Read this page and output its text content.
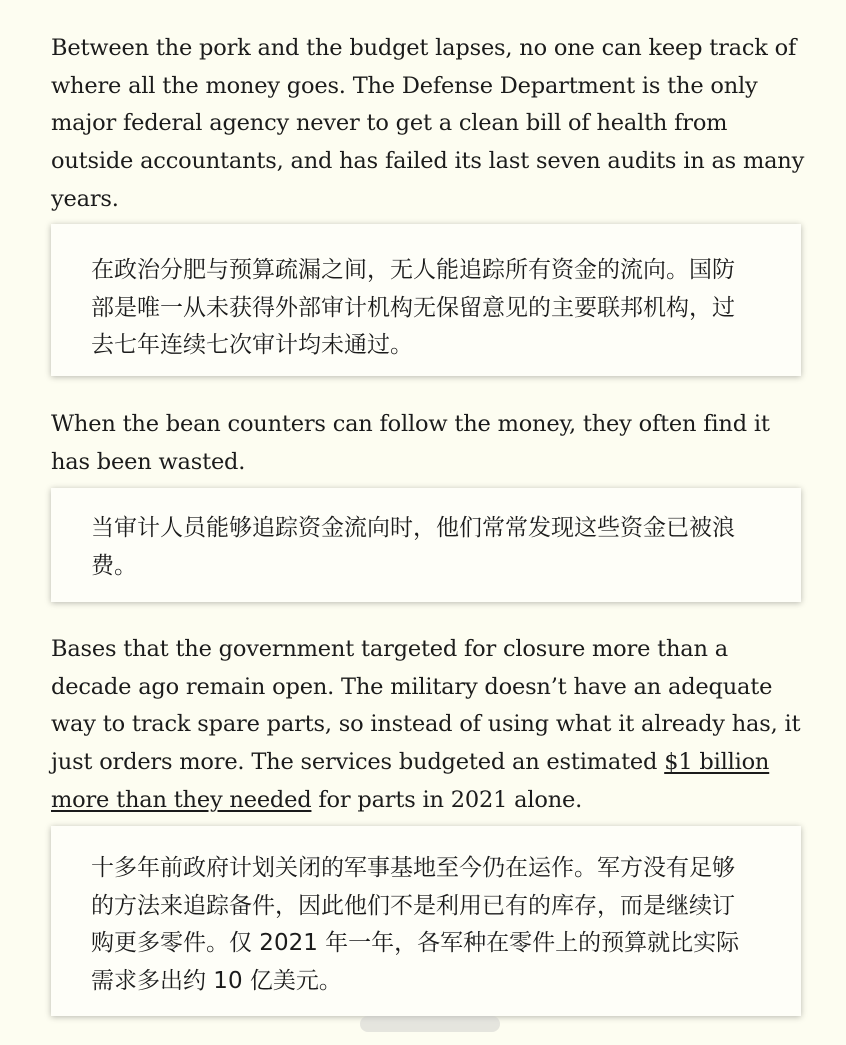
Between the pork and the budget lapses, no one can keep track of where all the money goes. The Defense Department is the only major federal agency never to get a clean bill of health from outside accountants, and has failed its last seven audits in as many years.

在政治分肥与预算疏漏之间，无人能追踪所有资金的流向。国防部是唯一从未获得外部审计机构无保留意见的主要联邦机构，过去七年连续七次审计均未通过。

When the bean counters can follow the money, they often find it has been wasted.

当审计人员能够追踪资金流向时，他们常常发现这些资金已被浪费。

Bases that the government targeted for closure more than a decade ago remain open. The military doesn’t have an adequate way to track spare parts, so instead of using what it already has, it just orders more. The services budgeted an estimated $1 billion more than they needed for parts in 2021 alone.

十多年前政府计划关闭的军事基地至今仍在运作。军方没有足够的方法来追踪备件，因此他们不是利用已有的库存，而是继续订购更多零件。仅 2021 年一年，各军种在零件上的预算就比实际需求多出约 10 亿美元。
